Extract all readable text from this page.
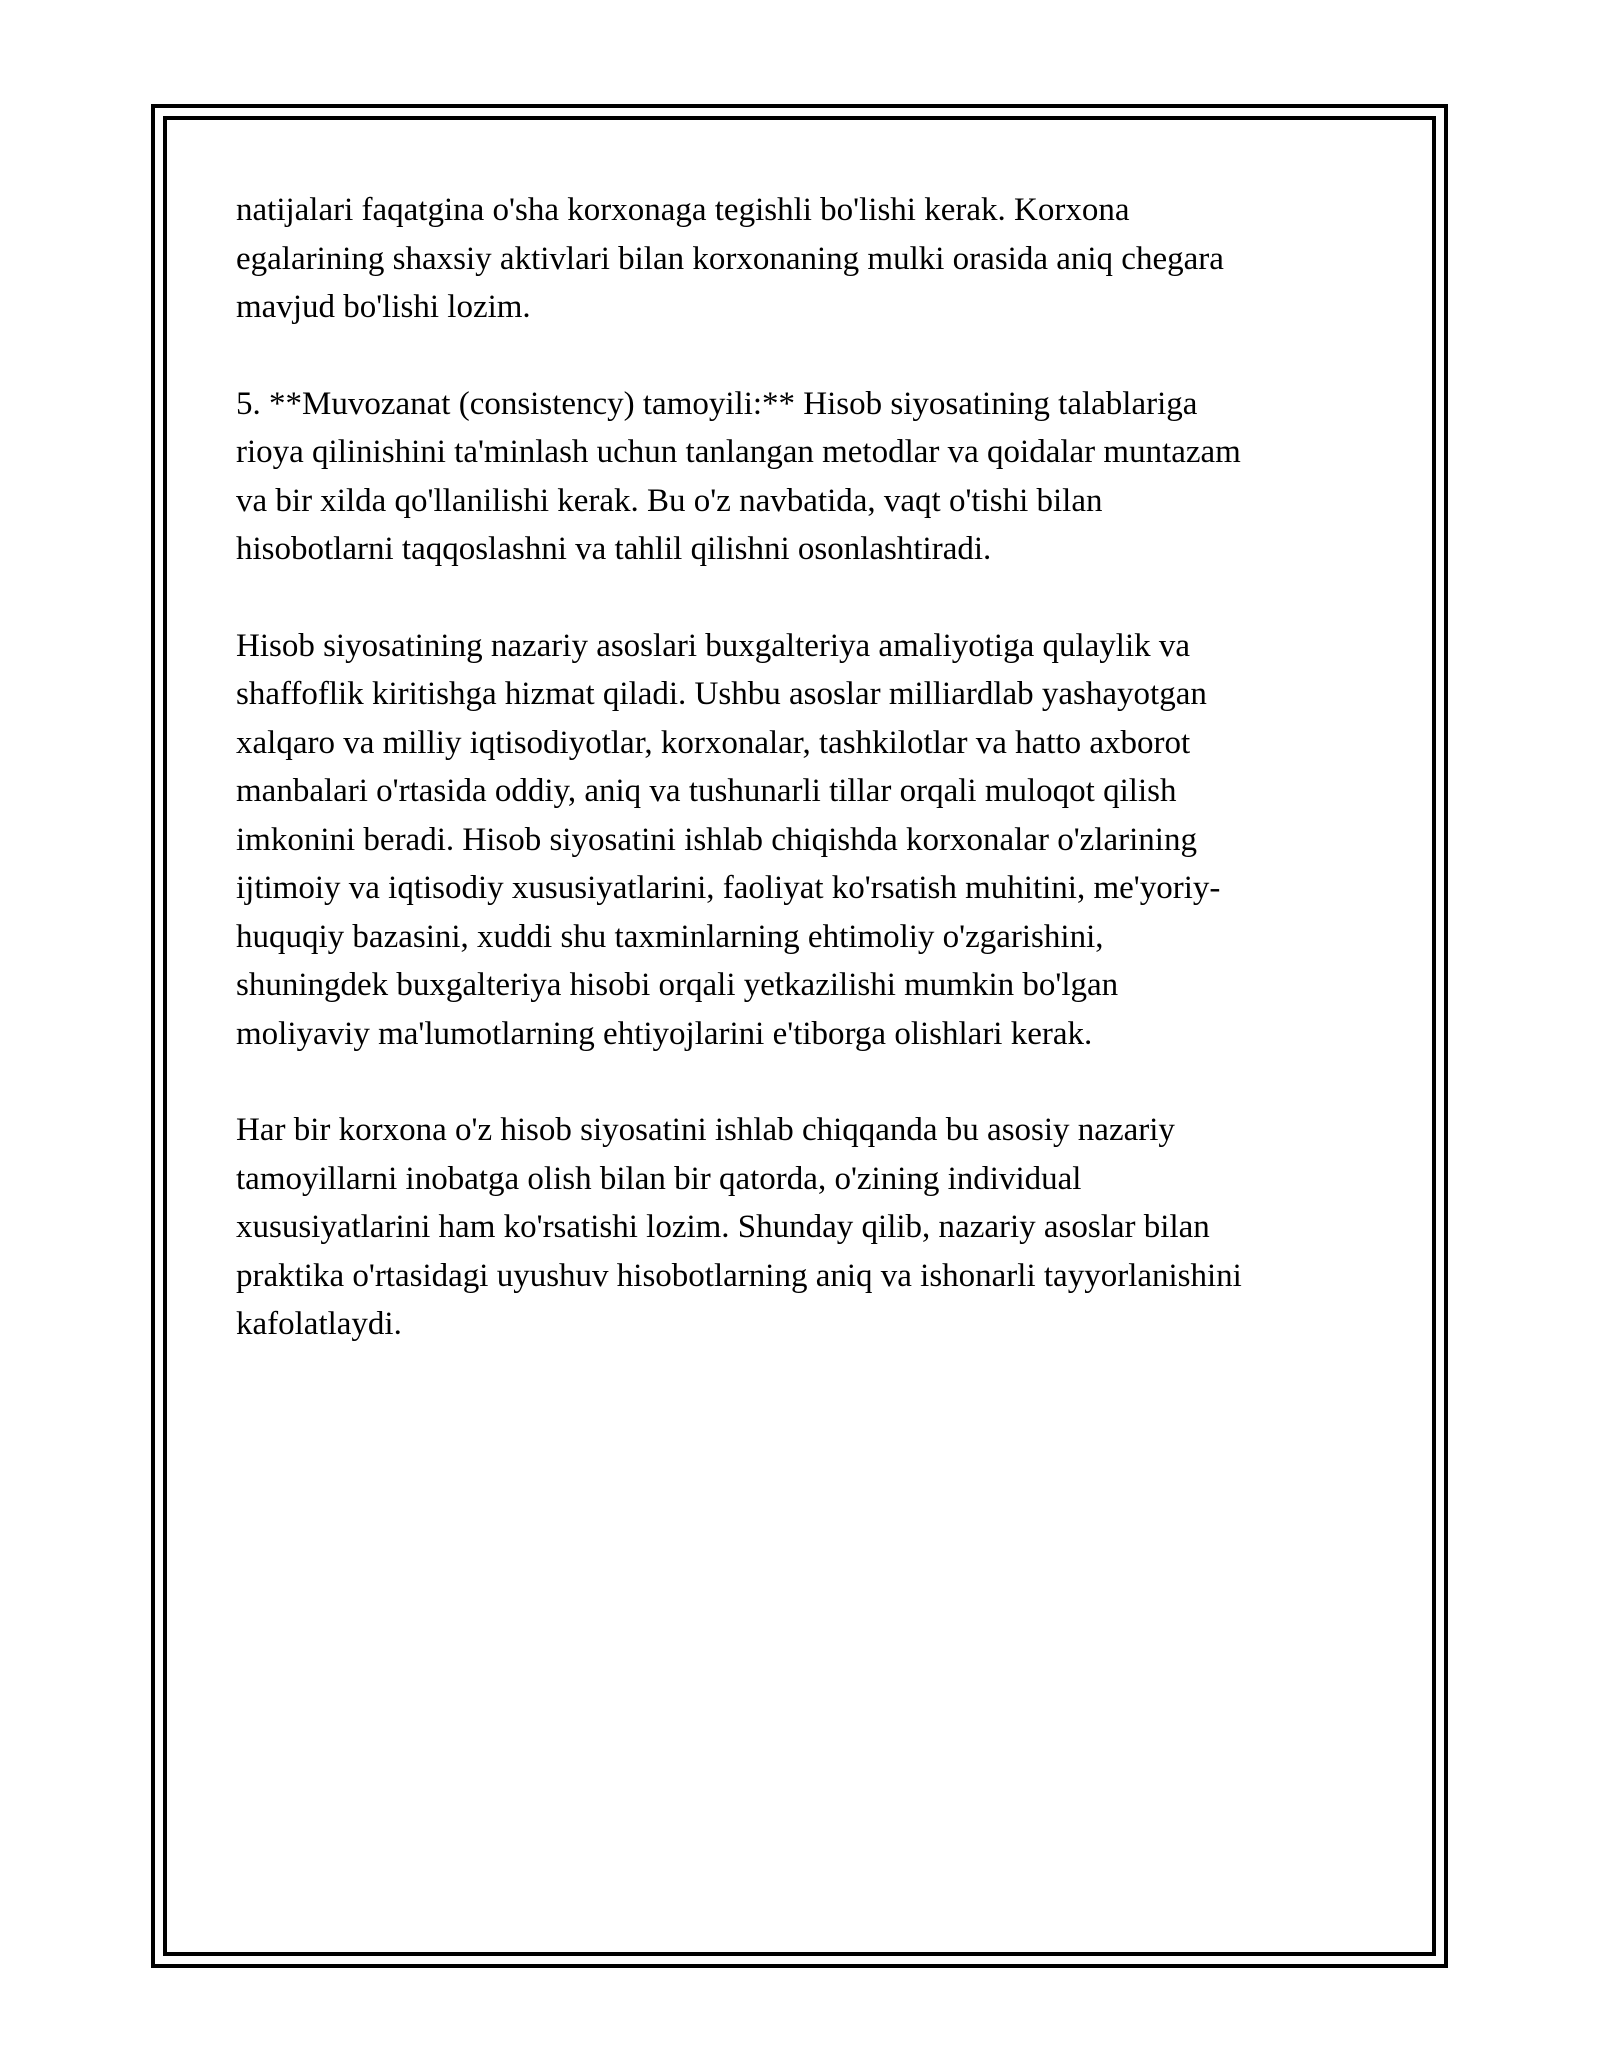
natijalari faqatgina o'sha korxonaga tegishli bo'lishi kerak. Korxona
egalarining shaxsiy aktivlari bilan korxonaning mulki orasida aniq chegara
mavjud bo'lishi lozim.

5. **Muvozanat (consistency) tamoyili:** Hisob siyosatining talablariga
rioya qilinishini ta'minlash uchun tanlangan metodlar va qoidalar muntazam
va bir xilda qo'llanilishi kerak. Bu o'z navbatida, vaqt o'tishi bilan
hisobotlarni taqqoslashni va tahlil qilishni osonlashtiradi.

Hisob siyosatining nazariy asoslari buxgalteriya amaliyotiga qulaylik va
shaffoflik kiritishga hizmat qiladi. Ushbu asoslar milliardlab yashayotgan
xalqaro va milliy iqtisodiyotlar, korxonalar, tashkilotlar va hatto axborot
manbalari o'rtasida oddiy, aniq va tushunarli tillar orqali muloqot qilish
imkonini beradi. Hisob siyosatini ishlab chiqishda korxonalar o'zlarining
ijtimoiy va iqtisodiy xususiyatlarini, faoliyat ko'rsatish muhitini, me'yoriy-
huquqiy bazasini, xuddi shu taxminlarning ehtimoliy o'zgarishini,
shuningdek buxgalteriya hisobi orqali yetkazilishi mumkin bo'lgan
moliyaviy ma'lumotlarning ehtiyojlarini e'tiborga olishlari kerak.

Har bir korxona o'z hisob siyosatini ishlab chiqqanda bu asosiy nazariy
tamoyillarni inobatga olish bilan bir qatorda, o'zining individual
xususiyatlarini ham ko'rsatishi lozim. Shunday qilib, nazariy asoslar bilan
praktika o'rtasidagi uyushuv hisobotlarning aniq va ishonarli tayyorlanishini
kafolatlaydi.
